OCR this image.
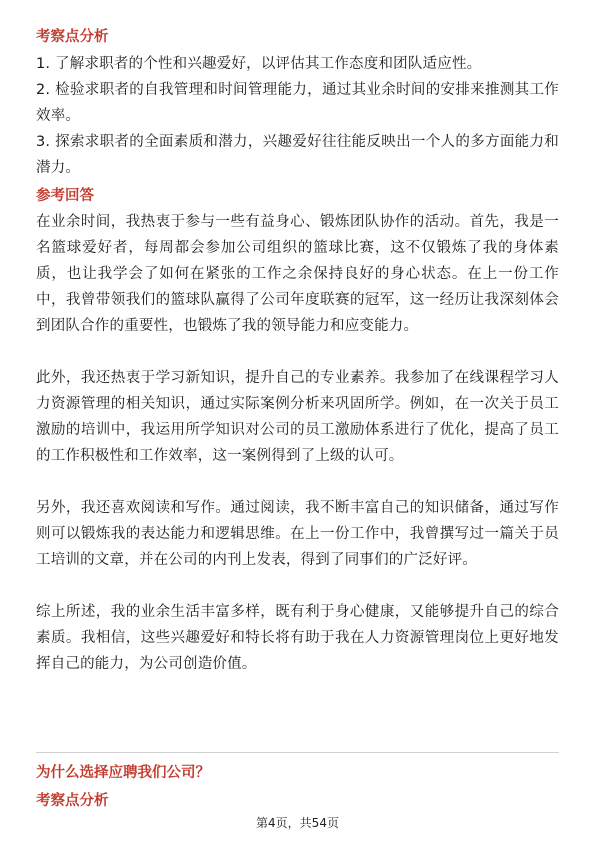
考察点分析

1. 了解求职者的个性和兴趣爱好，以评估其工作态度和团队适应性。

2. 检验求职者的自我管理和时间管理能力，通过其业余时间的安排来推测其工作效率。

3. 探索求职者的全面素质和潜力，兴趣爱好往往能反映出一个人的多方面能力和潜力。

参考回答

在业余时间，我热衷于参与一些有益身心、锻炼团队协作的活动。首先，我是一名篮球爱好者，每周都会参加公司组织的篮球比赛，这不仅锻炼了我的身体素质，也让我学会了如何在紧张的工作之余保持良好的身心状态。在上一份工作中，我曾带领我们的篮球队赢得了公司年度联赛的冠军，这一经历让我深刻体会到团队合作的重要性，也锻炼了我的领导能力和应变能力。

此外，我还热衷于学习新知识，提升自己的专业素养。我参加了在线课程学习人力资源管理的相关知识，通过实际案例分析来巩固所学。例如，在一次关于员工激励的培训中，我运用所学知识对公司的员工激励体系进行了优化，提高了员工的工作积极性和工作效率，这一案例得到了上级的认可。

另外，我还喜欢阅读和写作。通过阅读，我不断丰富自己的知识储备，通过写作则可以锻炼我的表达能力和逻辑思维。在上一份工作中，我曾撰写过一篇关于员工培训的文章，并在公司的内刊上发表，得到了同事们的广泛好评。

综上所述，我的业余生活丰富多样，既有利于身心健康，又能够提升自己的综合素质。我相信，这些兴趣爱好和特长将有助于我在人力资源管理岗位上更好地发挥自己的能力，为公司创造价值。

为什么选择应聘我们公司？

考察点分析

第4页，共54页
